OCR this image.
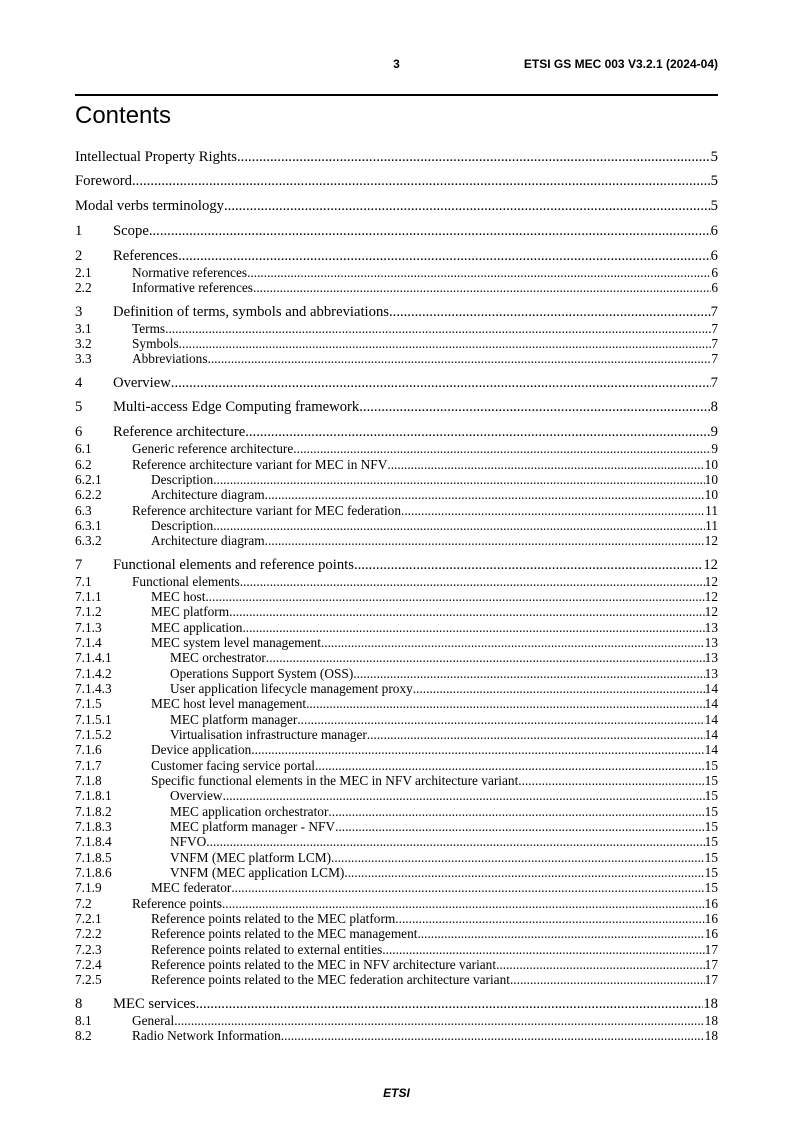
3	ETSI GS MEC 003 V3.2.1 (2024-04)
Contents
Intellectual Property Rights .....	5
Foreword .....	5
Modal verbs terminology .....	5
1	Scope .....	6
2	References .....	6
2.1	Normative references .....	6
2.2	Informative references .....	6
3	Definition of terms, symbols and abbreviations .....	7
3.1	Terms .....	7
3.2	Symbols .....	7
3.3	Abbreviations .....	7
4	Overview .....	7
5	Multi-access Edge Computing framework .....	8
6	Reference architecture .....	9
6.1	Generic reference architecture .....	9
6.2	Reference architecture variant for MEC in NFV .....	10
6.2.1	Description .....	10
6.2.2	Architecture diagram .....	10
6.3	Reference architecture variant for MEC federation .....	11
6.3.1	Description .....	11
6.3.2	Architecture diagram .....	12
7	Functional elements and reference points .....	12
7.1	Functional elements .....	12
7.1.1	MEC host .....	12
7.1.2	MEC platform .....	12
7.1.3	MEC application .....	13
7.1.4	MEC system level management .....	13
7.1.4.1	MEC orchestrator .....	13
7.1.4.2	Operations Support System (OSS) .....	13
7.1.4.3	User application lifecycle management proxy .....	14
7.1.5	MEC host level management .....	14
7.1.5.1	MEC platform manager .....	14
7.1.5.2	Virtualisation infrastructure manager .....	14
7.1.6	Device application .....	14
7.1.7	Customer facing service portal .....	15
7.1.8	Specific functional elements in the MEC in NFV architecture variant .....	15
7.1.8.1	Overview .....	15
7.1.8.2	MEC application orchestrator .....	15
7.1.8.3	MEC platform manager - NFV .....	15
7.1.8.4	NFVO .....	15
7.1.8.5	VNFM (MEC platform LCM) .....	15
7.1.8.6	VNFM (MEC application LCM) .....	15
7.1.9	MEC federator .....	15
7.2	Reference points .....	16
7.2.1	Reference points related to the MEC platform .....	16
7.2.2	Reference points related to the MEC management .....	16
7.2.3	Reference points related to external entities .....	17
7.2.4	Reference points related to the MEC in NFV architecture variant .....	17
7.2.5	Reference points related to the MEC federation architecture variant .....	17
8	MEC services .....	18
8.1	General .....	18
8.2	Radio Network Information .....	18
ETSI
